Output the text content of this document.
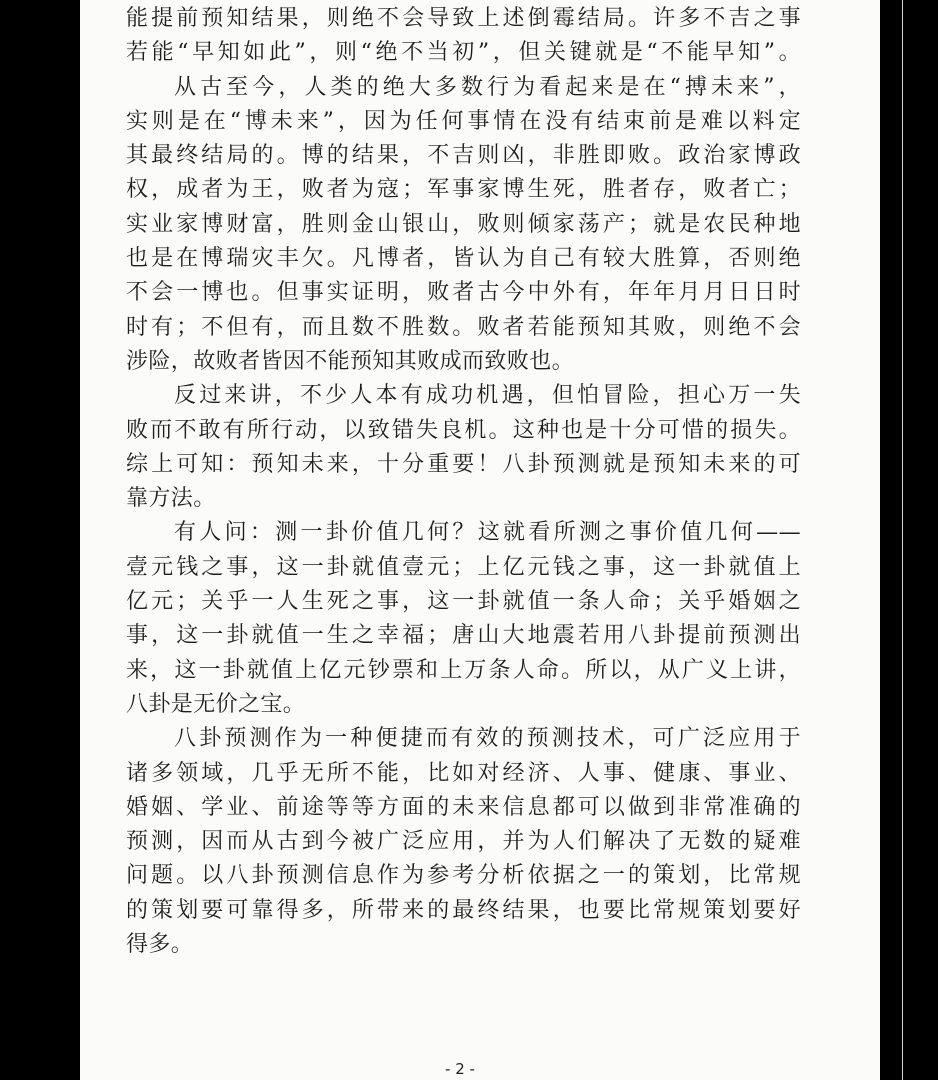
能提前预知结果，则绝不会导致上述倒霉结局。许多不吉之事
若能“早知如此”，则“绝不当初”，但关键就是“不能早知”。
从古至今，人类的绝大多数行为看起来是在“搏未来”，
实则是在“博未来”，因为任何事情在没有结束前是难以料定
其最终结局的。博的结果，不吉则凶，非胜即败。政治家博政
权，成者为王，败者为寇；军事家博生死，胜者存，败者亡；
实业家博财富，胜则金山银山，败则倾家荡产；就是农民种地
也是在博瑞灾丰欠。凡博者，皆认为自己有较大胜算，否则绝
不会一博也。但事实证明，败者古今中外有，年年月月日日时
时有；不但有，而且数不胜数。败者若能预知其败，则绝不会
涉险，故败者皆因不能预知其败成而致败也。
反过来讲，不少人本有成功机遇，但怕冒险，担心万一失
败而不敢有所行动，以致错失良机。这种也是十分可惜的损失。
综上可知：预知未来，十分重要！八卦预测就是预知未来的可
靠方法。
有人问：测一卦价值几何？这就看所测之事价值几何——
壹元钱之事，这一卦就值壹元；上亿元钱之事，这一卦就值上
亿元；关乎一人生死之事，这一卦就值一条人命；关乎婚姻之
事，这一卦就值一生之幸福；唐山大地震若用八卦提前预测出
来，这一卦就值上亿元钞票和上万条人命。所以，从广义上讲，
八卦是无价之宝。
八卦预测作为一种便捷而有效的预测技术，可广泛应用于
诸多领域，几乎无所不能，比如对经济、人事、健康、事业、
婚姻、学业、前途等等方面的未来信息都可以做到非常准确的
预测，因而从古到今被广泛应用，并为人们解决了无数的疑难
问题。以八卦预测信息作为参考分析依据之一的策划，比常规
的策划要可靠得多，所带来的最终结果，也要比常规策划要好
得多。
- 2 -
